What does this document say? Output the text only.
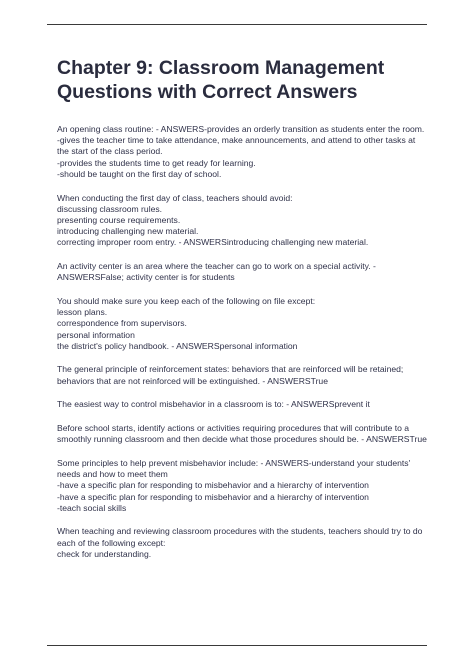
Chapter 9: Classroom Management Questions with Correct Answers

An opening class routine: - ANSWERS-provides an orderly transition as students enter the room.
-gives the teacher time to take attendance, make announcements, and attend to other tasks at the start of the class period.
-provides the students time to get ready for learning.
-should be taught on the first day of school.

When conducting the first day of class, teachers should avoid:
discussing classroom rules.
presenting course requirements.
introducing challenging new material.
correcting improper room entry. - ANSWERSintroducing challenging new material.

An activity center is an area where the teacher can go to work on a special activity. - ANSWERSFalse; activity center is for students

You should make sure you keep each of the following on file except:
lesson plans.
correspondence from supervisors.
personal information
the district's policy handbook. - ANSWERSpersonal information

The general principle of reinforcement states: behaviors that are reinforced will be retained; behaviors that are not reinforced will be extinguished. - ANSWERSTrue

The easiest way to control misbehavior in a classroom is to: - ANSWERSprevent it

Before school starts, identify actions or activities requiring procedures that will contribute to a smoothly running classroom and then decide what those procedures should be. - ANSWERSTrue

Some principles to help prevent misbehavior include: - ANSWERS-understand your students' needs and how to meet them
-have a specific plan for responding to misbehavior and a hierarchy of intervention
-have a specific plan for responding to misbehavior and a hierarchy of intervention
-teach social skills

When teaching and reviewing classroom procedures with the students, teachers should try to do each of the following except:
check for understanding.
